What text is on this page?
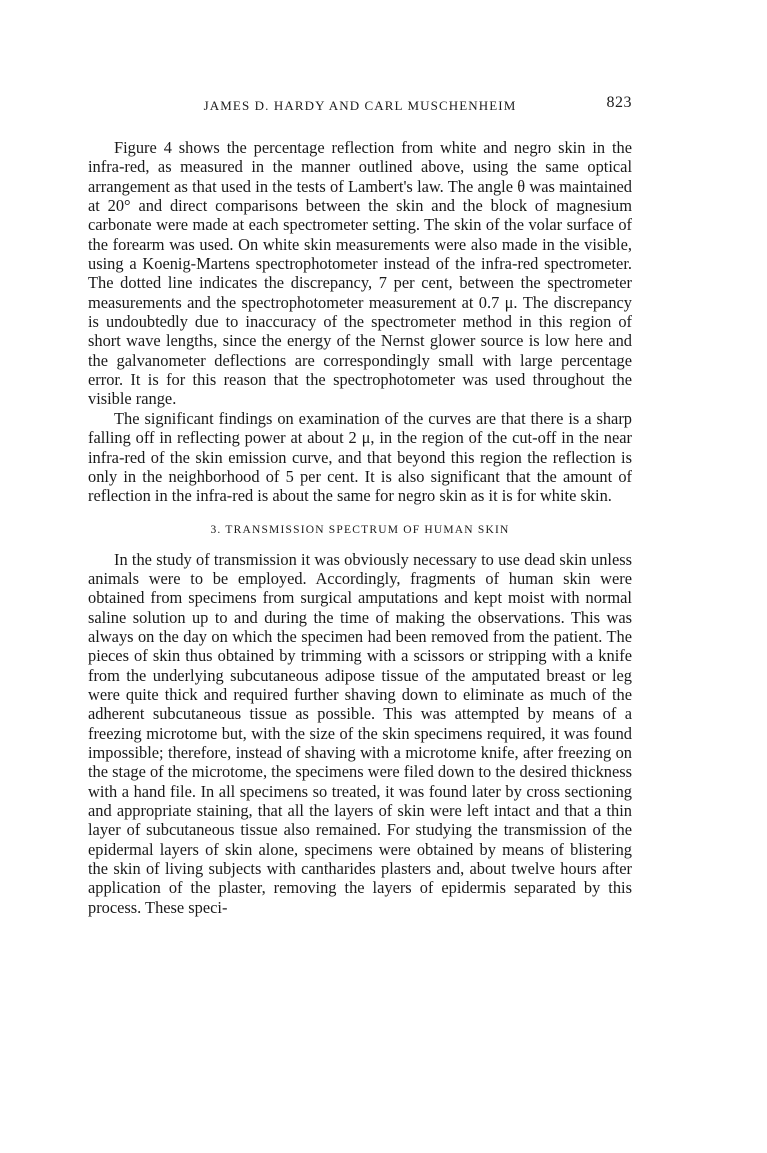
JAMES D. HARDY AND CARL MUSCHENHEIM	823

Figure 4 shows the percentage reflection from white and negro skin in the infra-red, as measured in the manner outlined above, using the same optical arrangement as that used in the tests of Lambert's law. The angle θ was maintained at 20° and direct comparisons between the skin and the block of magnesium carbonate were made at each spectrometer setting. The skin of the volar surface of the forearm was used. On white skin measurements were also made in the visible, using a Koenig-Martens spectrophotometer instead of the infra-red spectrometer. The dotted line indicates the discrepancy, 7 per cent, between the spectrometer measurements and the spectrophotometer measurement at 0.7 μ. The discrepancy is undoubtedly due to inaccuracy of the spectrometer method in this region of short wave lengths, since the energy of the Nernst glower source is low here and the galvanometer deflections are correspondingly small with large percentage error. It is for this reason that the spectrophotometer was used throughout the visible range.

The significant findings on examination of the curves are that there is a sharp falling off in reflecting power at about 2 μ, in the region of the cut-off in the near infra-red of the skin emission curve, and that beyond this region the reflection is only in the neighborhood of 5 per cent. It is also significant that the amount of reflection in the infra-red is about the same for negro skin as it is for white skin.

3. TRANSMISSION SPECTRUM OF HUMAN SKIN

In the study of transmission it was obviously necessary to use dead skin unless animals were to be employed. Accordingly, fragments of human skin were obtained from specimens from surgical amputations and kept moist with normal saline solution up to and during the time of making the observations. This was always on the day on which the specimen had been removed from the patient. The pieces of skin thus obtained by trimming with a scissors or stripping with a knife from the underlying subcutaneous adipose tissue of the amputated breast or leg were quite thick and required further shaving down to eliminate as much of the adherent subcutaneous tissue as possible. This was attempted by means of a freezing microtome but, with the size of the skin specimens required, it was found impossible; therefore, instead of shaving with a microtome knife, after freezing on the stage of the microtome, the specimens were filed down to the desired thickness with a hand file. In all specimens so treated, it was found later by cross sectioning and appropriate staining, that all the layers of skin were left intact and that a thin layer of subcutaneous tissue also remained. For studying the transmission of the epidermal layers of skin alone, specimens were obtained by means of blistering the skin of living subjects with cantharides plasters and, about twelve hours after application of the plaster, removing the layers of epidermis separated by this process. These speci-
